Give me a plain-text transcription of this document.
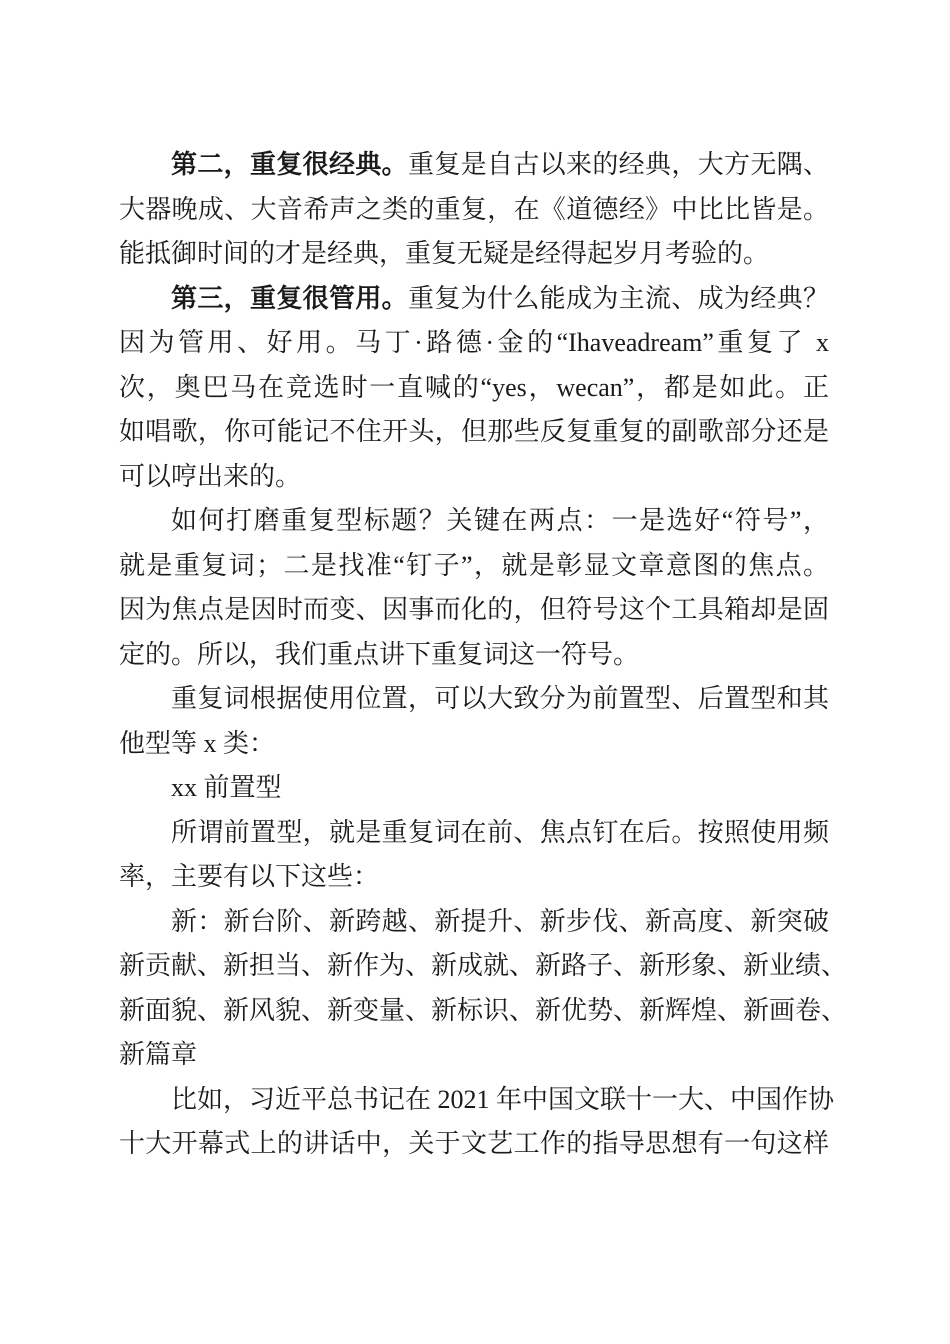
第二，重复很经典。重复是自古以来的经典，大方无隅、
大器晚成、大音希声之类的重复，在《道德经》中比比皆是。
能抵御时间的才是经典，重复无疑是经得起岁月考验的。
第三，重复很管用。重复为什么能成为主流、成为经典？
因为管用、好用。马丁·路德·金的“Ihaveadream”重复了 x
次，奥巴马在竞选时一直喊的“yes，wecan”，都是如此。正
如唱歌，你可能记不住开头，但那些反复重复的副歌部分还是
可以哼出来的。
如何打磨重复型标题？关键在两点：一是选好“符号”，
就是重复词；二是找准“钉子”，就是彰显文章意图的焦点。
因为焦点是因时而变、因事而化的，但符号这个工具箱却是固
定的。所以，我们重点讲下重复词这一符号。
重复词根据使用位置，可以大致分为前置型、后置型和其
他型等 x 类：
xx 前置型
所谓前置型，就是重复词在前、焦点钉在后。按照使用频
率，主要有以下这些：
新：新台阶、新跨越、新提升、新步伐、新高度、新突破
新贡献、新担当、新作为、新成就、新路子、新形象、新业绩、
新面貌、新风貌、新变量、新标识、新优势、新辉煌、新画卷、
新篇章
比如，习近平总书记在 2021 年中国文联十一大、中国作协
十大开幕式上的讲话中，关于文艺工作的指导思想有一句这样
